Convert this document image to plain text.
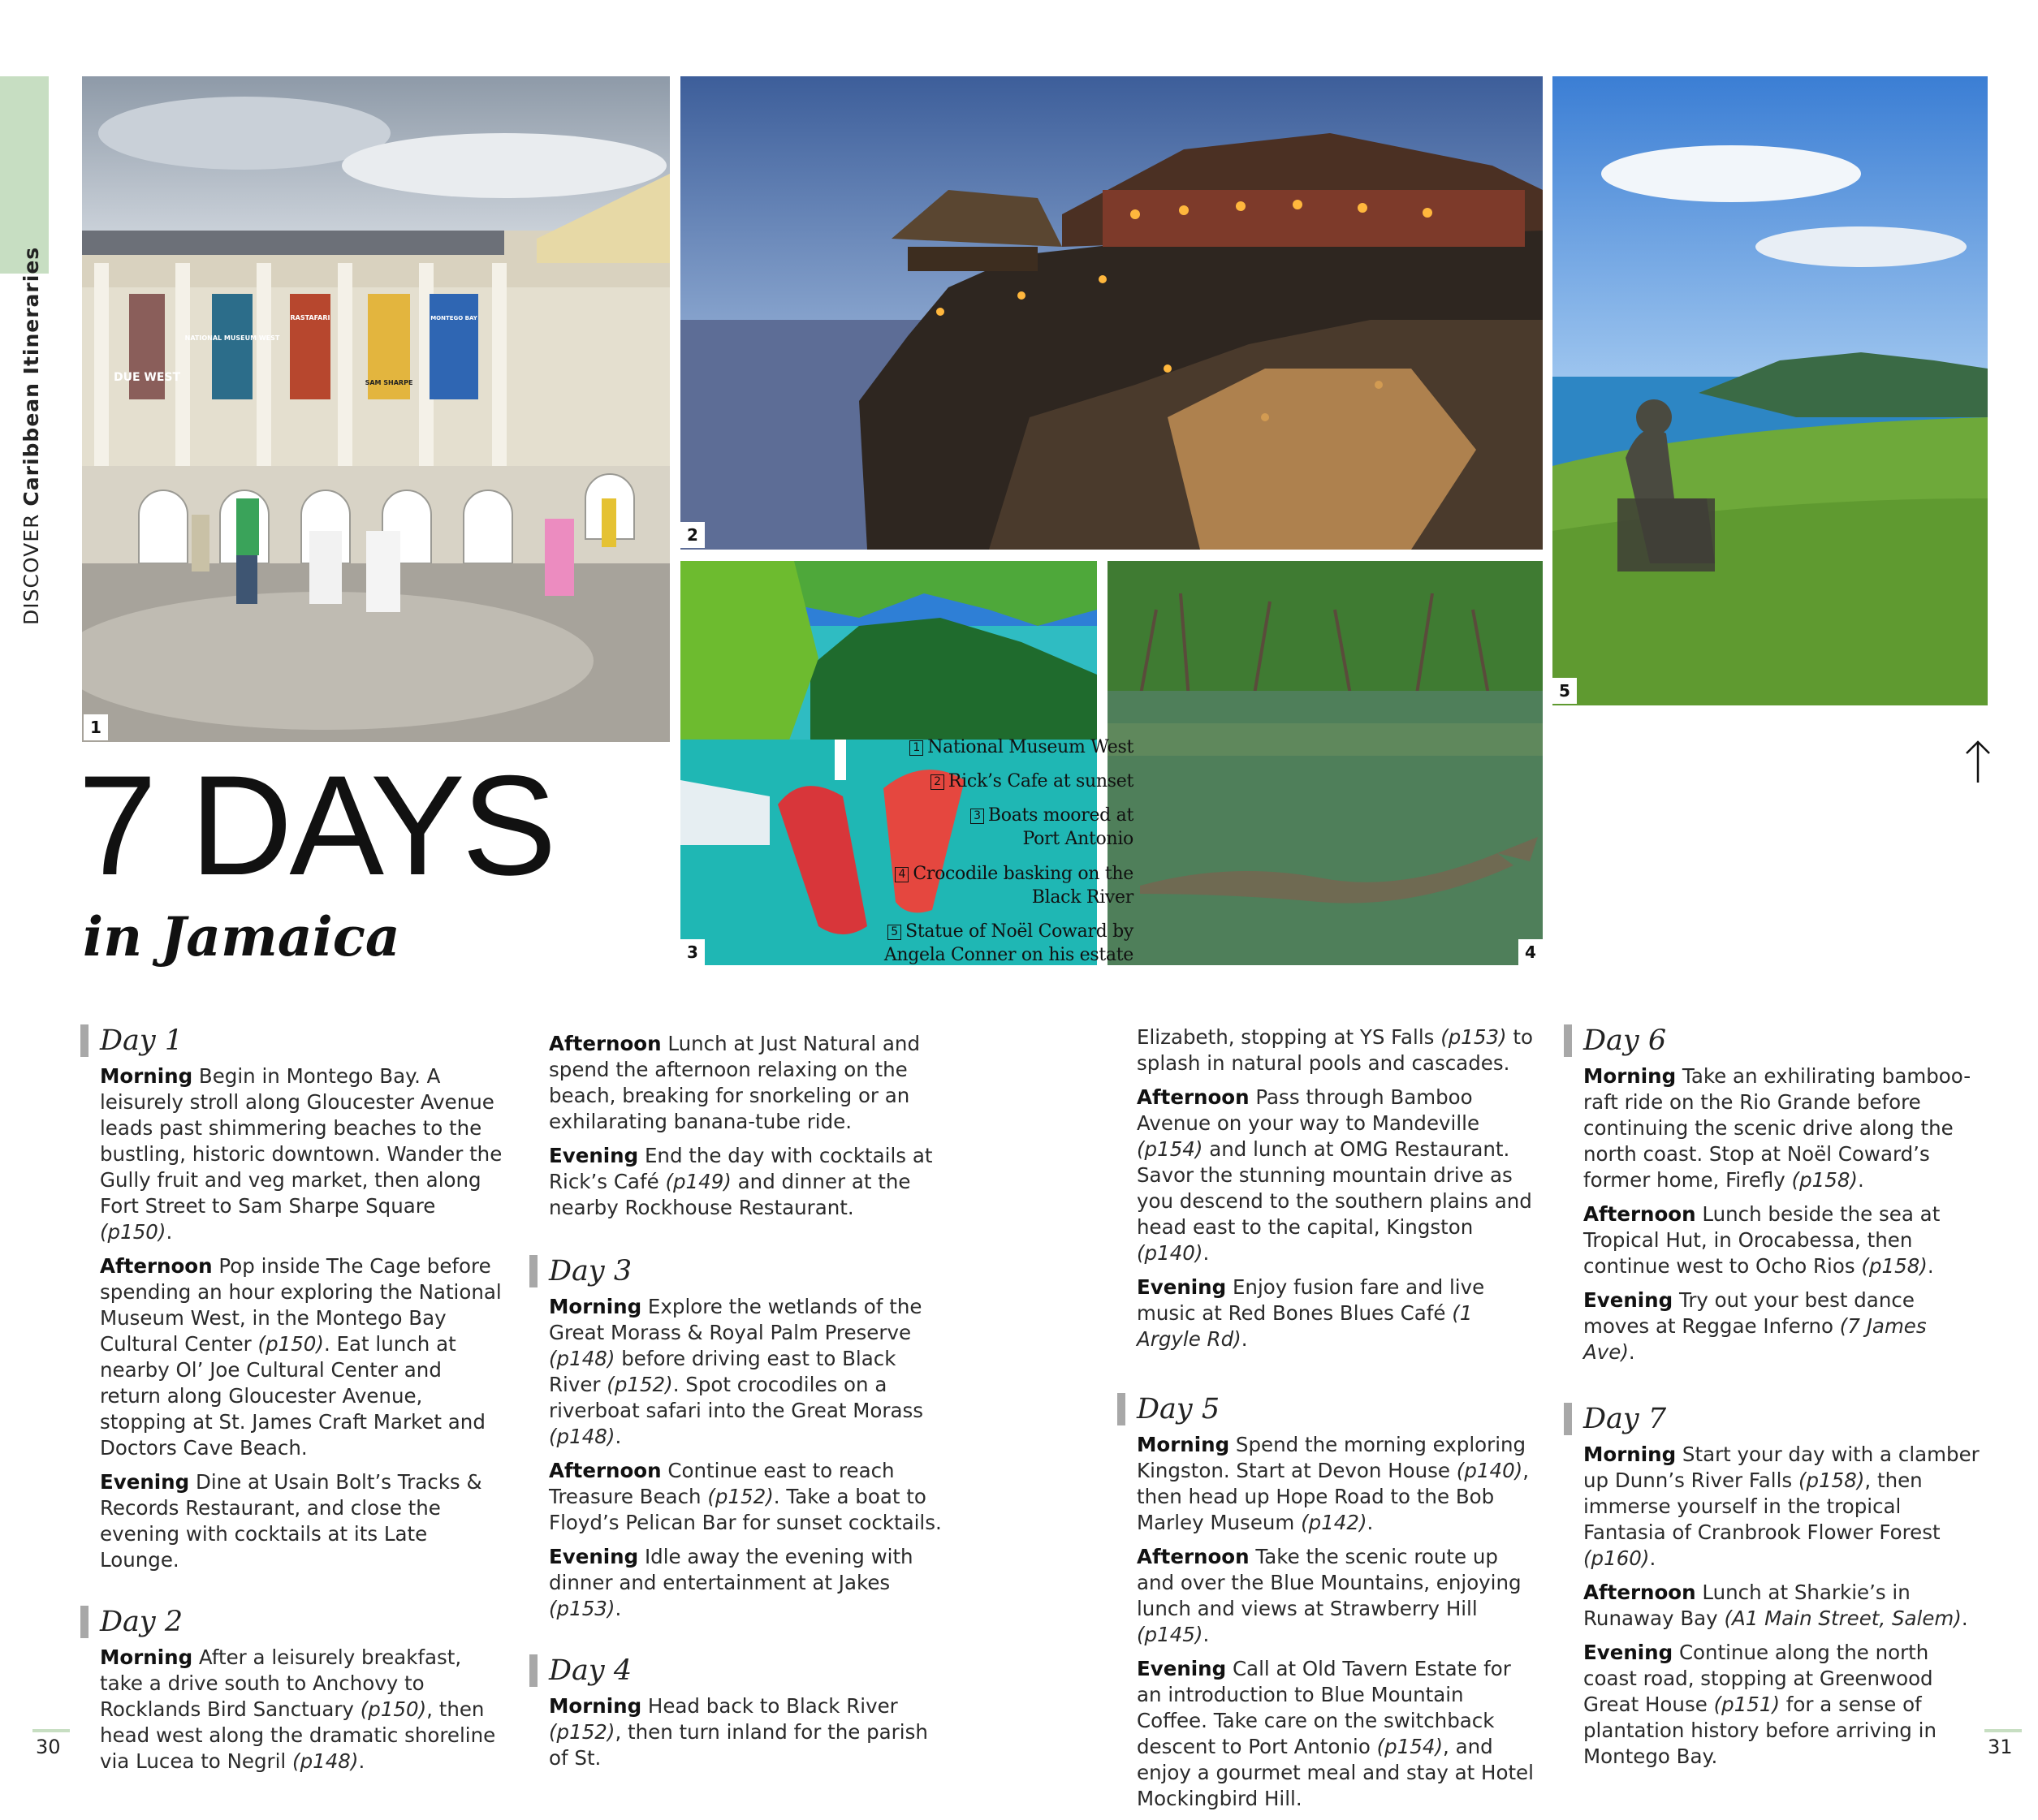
DISCOVER Caribbean Itineraries	DUE WEST
NATIONAL MUSEUM WEST
RASTAFARI
SAM SHARPE
MONTEGO BAY
1
2
3	4
5
7 DAYS
in Jamaica
1 National Museum West
2 Rick’s Cafe at sunset
3 Boats moored at
Port Antonio
4 Crocodile basking on the
Black River
5 Statue of Noël Coward by
Angela Conner on his estate
Day 1

Morning Begin in Montego Bay. A leisurely stroll along Gloucester Avenue leads past shimmering beaches to the bustling, historic downtown. Wander the Gully fruit and veg market, then along Fort Street to Sam Sharpe Square (p150).

Afternoon Pop inside The Cage before spending an hour exploring the National Museum West, in the Montego Bay Cultural Center (p150). Eat lunch at nearby Ol’ Joe Cultural Center and return along Gloucester Avenue, stopping at St. James Craft Market and Doctors Cave Beach.

Evening Dine at Usain Bolt’s Tracks & Records Restaurant, and close the evening with cocktails at its Late Lounge.

Day 2

Morning After a leisurely breakfast, take a drive south to Anchovy to Rocklands Bird Sanctuary (p150), then head west along the dramatic shoreline via Lucea to Negril (p148).

Afternoon Lunch at Just Natural and spend the afternoon relaxing on the beach, breaking for snorkeling or an exhilarating banana-tube ride.

Evening End the day with cocktails at Rick’s Café (p149) and dinner at the nearby Rockhouse Restaurant.

Day 3

Morning Explore the wetlands of the Great Morass & Royal Palm Preserve (p148) before driving east to Black River (p152). Spot crocodiles on a riverboat safari into the Great Morass (p148).

Afternoon Continue east to reach Treasure Beach (p152). Take a boat to Floyd’s Pelican Bar for sunset cocktails.

Evening Idle away the evening with dinner and entertainment at Jakes (p153).

Day 4

Morning Head back to Black River (p152), then turn inland for the parish of St.

Elizabeth, stopping at YS Falls (p153) to splash in natural pools and cascades.

Afternoon Pass through Bamboo Avenue on your way to Mandeville (p154) and lunch at OMG Restaurant. Savor the stunning mountain drive as you descend to the southern plains and head east to the capital, Kingston (p140).

Evening Enjoy fusion fare and live music at Red Bones Blues Café (1 Argyle Rd).

Day 5

Morning Spend the morning exploring Kingston. Start at Devon House (p140), then head up Hope Road to the Bob Marley Museum (p142).

Afternoon Take the scenic route up and over the Blue Mountains, enjoying lunch and views at Strawberry Hill (p145).

Evening Call at Old Tavern Estate for an introduction to Blue Mountain Coffee. Take care on the switchback descent to Port Antonio (p154), and enjoy a gourmet meal and stay at Hotel Mockingbird Hill.

Day 6

Morning Take an exhilirating bamboo-raft ride on the Rio Grande before continuing the scenic drive along the north coast. Stop at Noël Coward’s former home, Firefly (p158).

Afternoon Lunch beside the sea at Tropical Hut, in Orocabessa, then continue west to Ocho Rios (p158).

Evening Try out your best dance moves at Reggae Inferno (7 James Ave).

Day 7

Morning Start your day with a clamber up Dunn’s River Falls (p158), then immerse yourself in the tropical Fantasia of Cranbrook Flower Forest (p160).

Afternoon Lunch at Sharkie’s in Runaway Bay (A1 Main Street, Salem).

Evening Continue along the north coast road, stopping at Greenwood Great House (p151) for a sense of plantation history before arriving in Montego Bay.

30	31
